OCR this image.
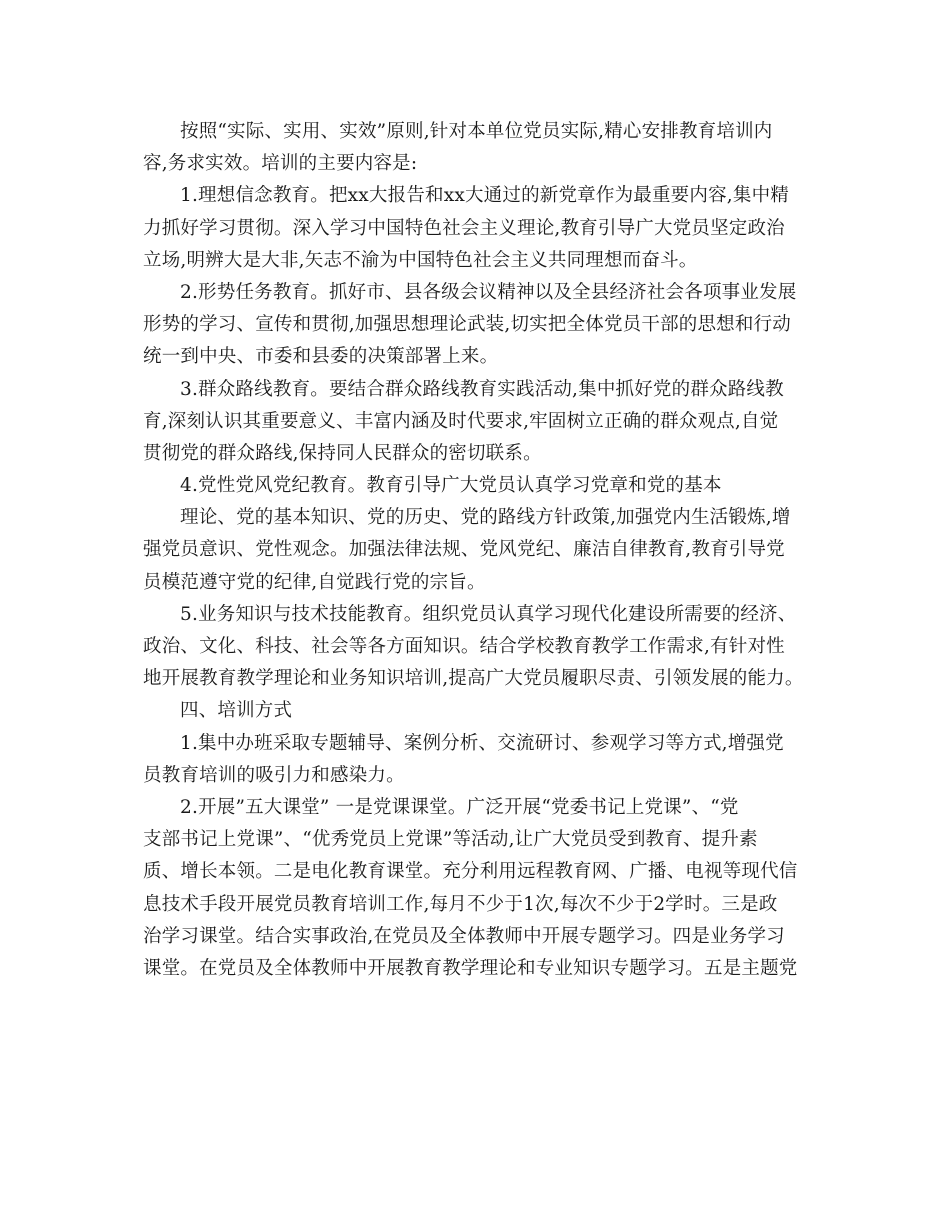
按照“实际、实用、实效”原则,针对本单位党员实际,精心安排教育培训内
容,务求实效。培训的主要内容是:
1.理想信念教育。把xx大报告和xx大通过的新党章作为最重要内容,集中精
力抓好学习贯彻。深入学习中国特色社会主义理论,教育引导广大党员坚定政治
立场,明辨大是大非,矢志不渝为中国特色社会主义共同理想而奋斗。
2.形势任务教育。抓好市、县各级会议精神以及全县经济社会各项事业发展
形势的学习、宣传和贯彻,加强思想理论武装,切实把全体党员干部的思想和行动
统一到中央、市委和县委的决策部署上来。
3.群众路线教育。要结合群众路线教育实践活动,集中抓好党的群众路线教
育,深刻认识其重要意义、丰富内涵及时代要求,牢固树立正确的群众观点,自觉
贯彻党的群众路线,保持同人民群众的密切联系。
4.党性党风党纪教育。教育引导广大党员认真学习党章和党的基本
理论、党的基本知识、党的历史、党的路线方针政策,加强党内生活锻炼,增
强党员意识、党性观念。加强法律法规、党风党纪、廉洁自律教育,教育引导党
员模范遵守党的纪律,自觉践行党的宗旨。
5.业务知识与技术技能教育。组织党员认真学习现代化建设所需要的经济、
政治、文化、科技、社会等各方面知识。结合学校教育教学工作需求,有针对性
地开展教育教学理论和业务知识培训,提高广大党员履职尽责、引领发展的能力。
四、培训方式
1.集中办班采取专题辅导、案例分析、交流研讨、参观学习等方式,增强党
员教育培训的吸引力和感染力。
2.开展”五大课堂” 一是党课课堂。广泛开展“党委书记上党课”、“党
支部书记上党课”、“优秀党员上党课”等活动,让广大党员受到教育、提升素
质、增长本领。二是电化教育课堂。充分利用远程教育网、广播、电视等现代信
息技术手段开展党员教育培训工作,每月不少于1次,每次不少于2学时。三是政
治学习课堂。结合实事政治,在党员及全体教师中开展专题学习。四是业务学习
课堂。在党员及全体教师中开展教育教学理论和专业知识专题学习。五是主题党
